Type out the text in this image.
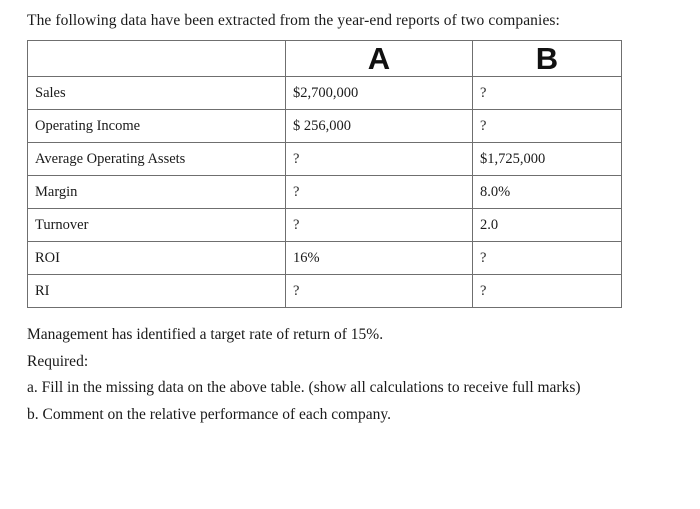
The following data have been extracted from the year-end reports of two companies:
	A	B
Sales	$2,700,000	?
Operating Income	$ 256,000	?
Average Operating Assets	?	$1,725,000
Margin	?	8.0%
Turnover	?	2.0
ROI	16%	?
RI	?	?

Management has identified a target rate of return of 15%.

Required:

a. Fill in the missing data on the above table. (show all calculations to receive full marks)

b. Comment on the relative performance of each company.
